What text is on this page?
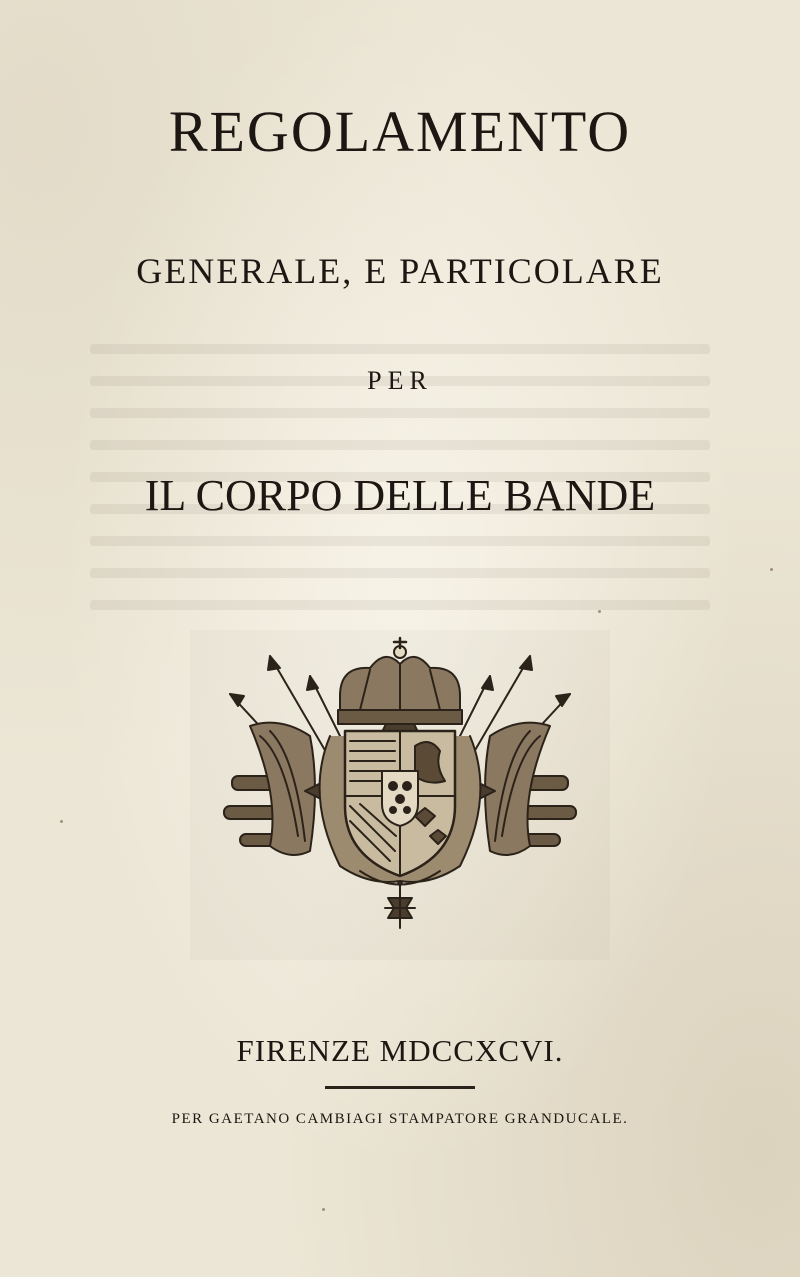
REGOLAMENTO
GENERALE, E PARTICOLARE
PER
IL CORPO DELLE BANDE
FIRENZE MDCCXCVI.
PER GAETANO CAMBIAGI STAMPATORE GRANDUCALE.
